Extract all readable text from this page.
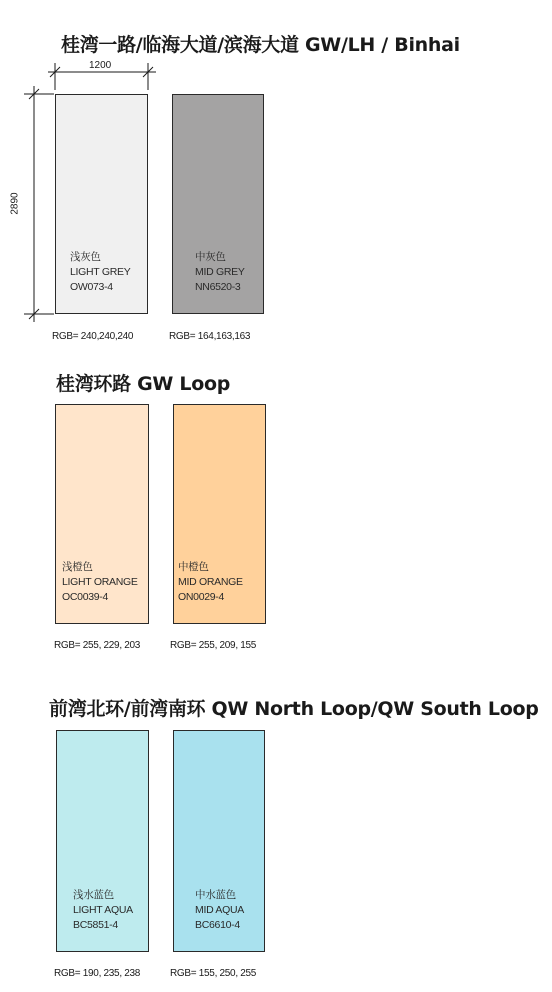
桂湾一路/临海大道/滨海大道 GW/LH / Binhai
1200
2890
浅灰色
LIGHT GREY
OW073-4
中灰色
MID GREY
NN6520-3
RGB= 240,240,240	RGB= 164,163,163
桂湾环路 GW Loop
浅橙色
LIGHT ORANGE
OC0039-4
中橙色
MID ORANGE
ON0029-4
RGB= 255, 229, 203	RGB= 255, 209, 155
前湾北环/前湾南环 QW North Loop/QW South Loop
浅水蓝色
LIGHT AQUA
BC5851-4
中水蓝色
MID AQUA
BC6610-4
RGB= 190, 235, 238	RGB= 155, 250, 255
